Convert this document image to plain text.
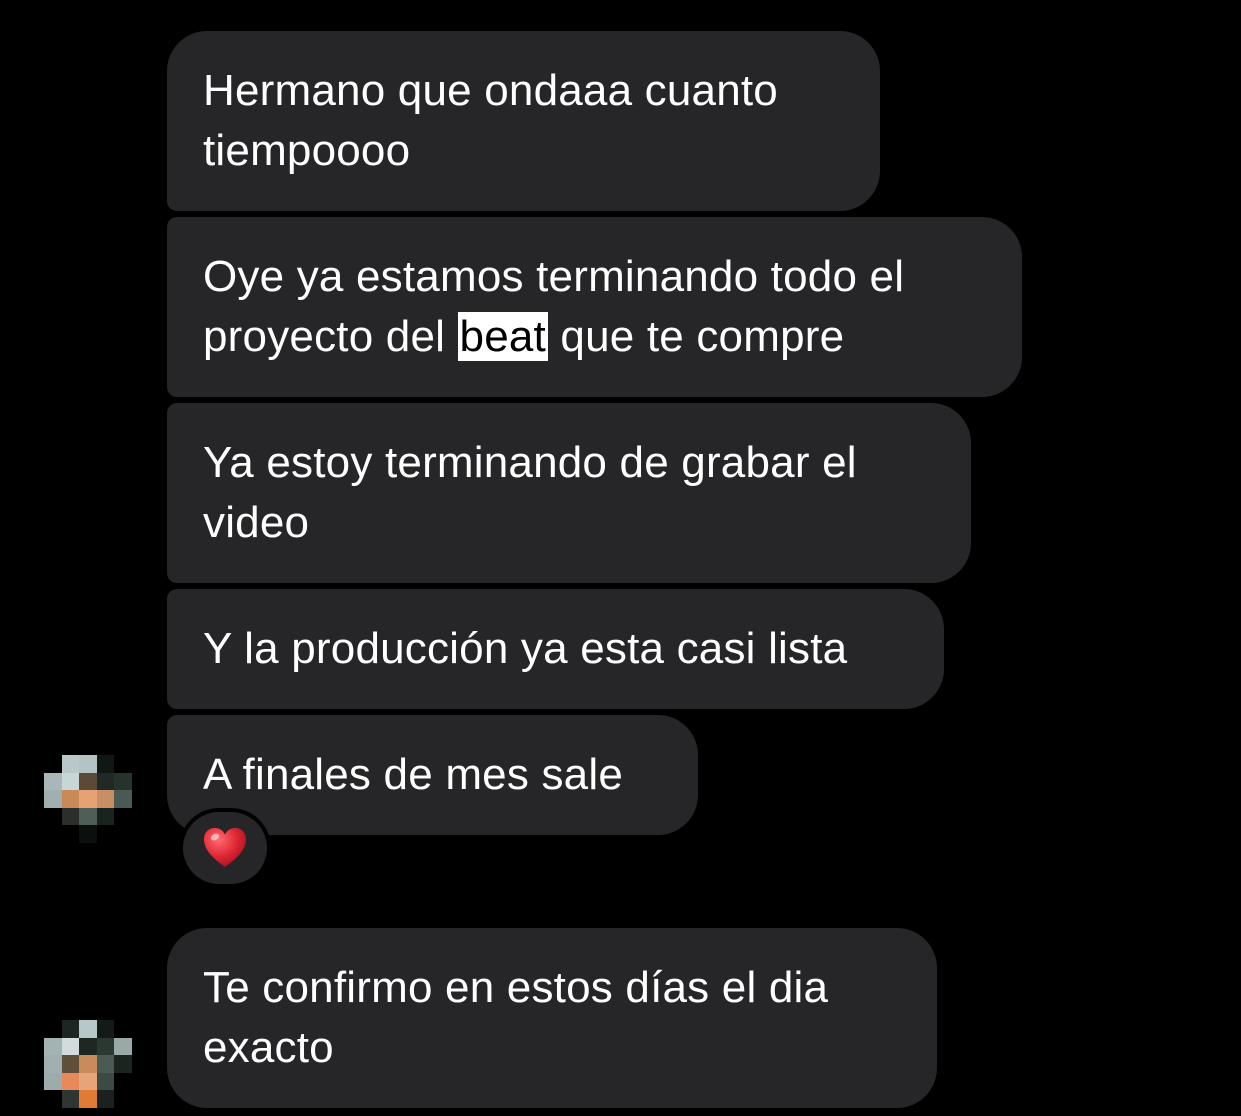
Hermano que ondaaa cuanto tiempoooo
Oye ya estamos terminando todo el proyecto del beat que te compre
Ya estoy terminando de grabar el video
Y la producción ya esta casi lista
A finales de mes sale
Te confirmo en estos días el dia exacto
